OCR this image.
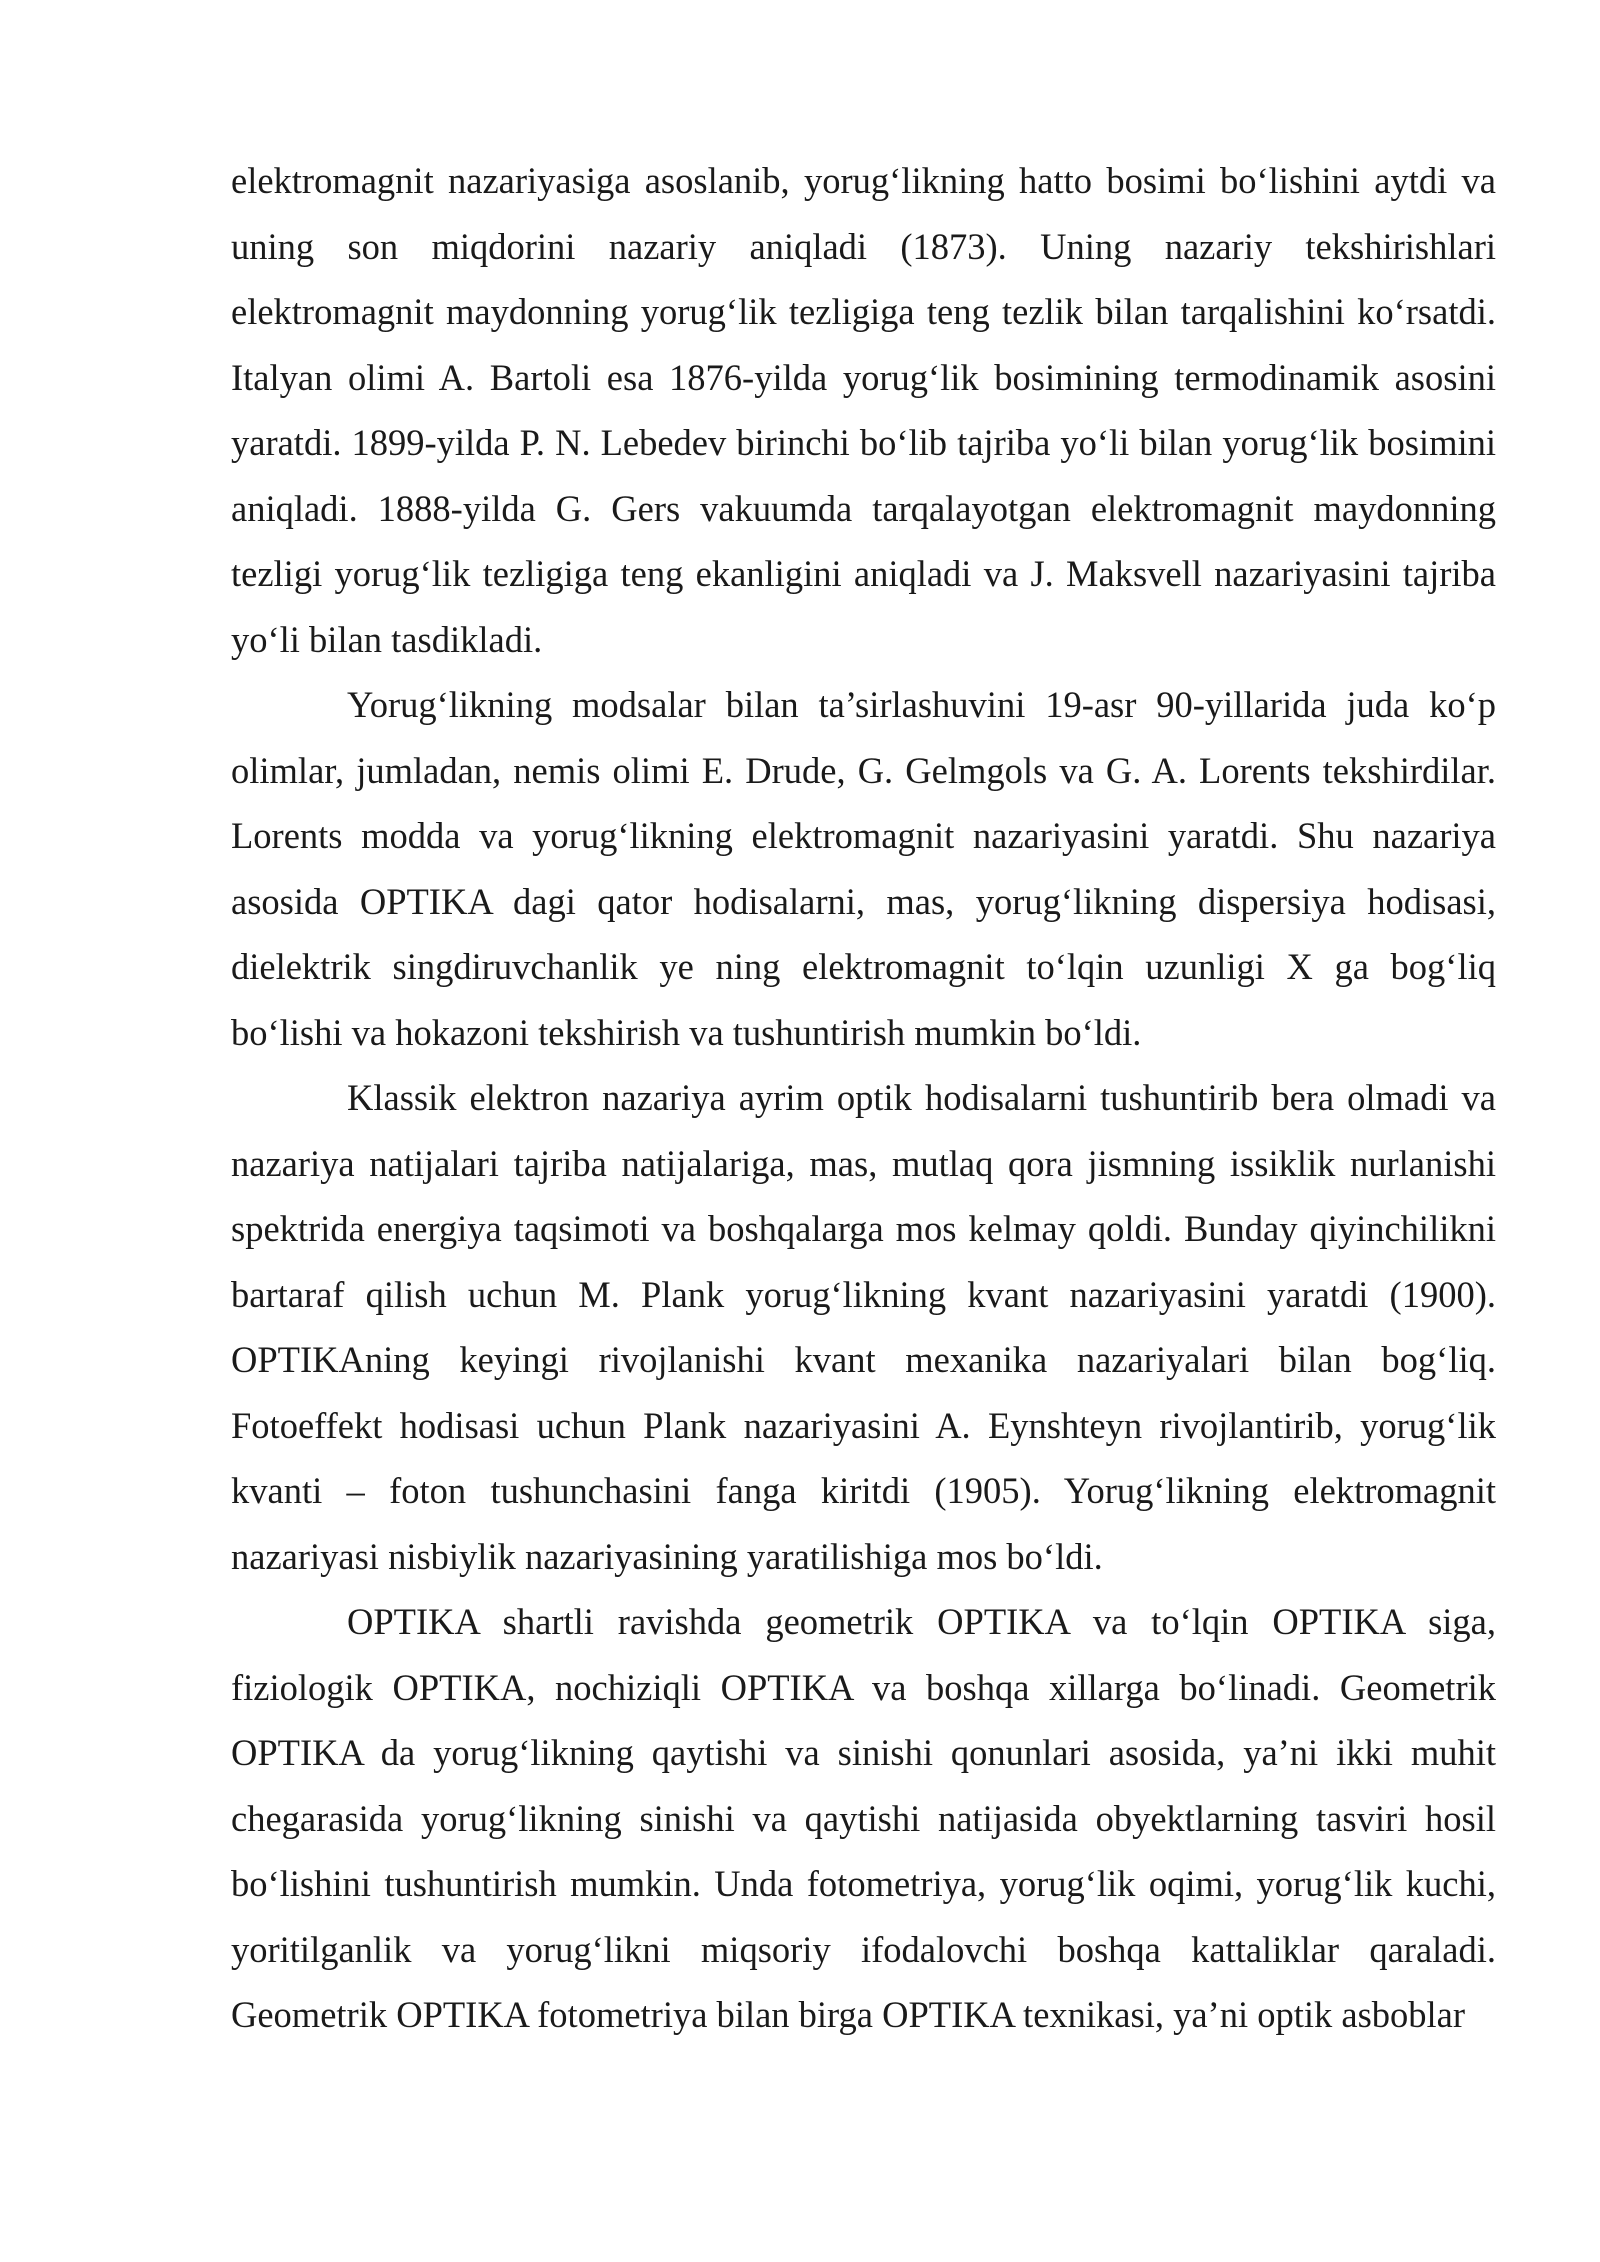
elektromagnit nazariyasiga asoslanib, yorug‘likning hatto bosimi bo‘lishini aytdi va uning son miqdorini nazariy aniqladi (1873). Uning nazariy tekshirishlari elektromagnit maydonning yorug‘lik tezligiga teng tezlik bilan tarqalishini ko‘rsatdi. Italyan olimi A. Bartoli esa 1876-yilda yorug‘lik bosimining termodinamik asosini yaratdi. 1899-yilda P. N. Lebedev birinchi bo‘lib tajriba yo‘li bilan yorug‘lik bosimini aniqladi. 1888-yilda G. Gers vakuumda tarqalayotgan elektromagnit maydonning tezligi yorug‘lik tezligiga teng ekanligini aniqladi va J. Maksvell nazariyasini tajriba yo‘li bilan tasdikladi.

Yorug‘likning modsalar bilan ta’sirlashuvini 19-asr 90-yillarida juda ko‘p olimlar, jumladan, nemis olimi E. Drude, G. Gelmgols va G. A. Lorents tekshirdilar. Lorents modda va yorug‘likning elektromagnit nazariyasini yaratdi. Shu nazariya asosida OPTIKA dagi qator hodisalarni, mas, yorug‘likning dispersiya hodisasi, dielektrik singdiruvchanlik ye ning elektromagnit to‘lqin uzunligi X ga bog‘liq bo‘lishi va hokazoni tekshirish va tushuntirish mumkin bo‘ldi.

Klassik elektron nazariya ayrim optik hodisalarni tushuntirib bera olmadi va nazariya natijalari tajriba natijalariga, mas, mutlaq qora jismning issiklik nurlanishi spektrida energiya taqsimoti va boshqalarga mos kelmay qoldi. Bunday qiyinchilikni bartaraf qilish uchun M. Plank yorug‘likning kvant nazariyasini yaratdi (1900). OPTIKAning keyingi rivojlanishi kvant mexanika nazariyalari bilan bog‘liq. Fotoeffekt hodisasi uchun Plank nazariyasini A. Eynshteyn rivojlantirib, yorug‘lik kvanti – foton tushunchasini fanga kiritdi (1905). Yorug‘likning elektromagnit nazariyasi nisbiylik nazariyasining yaratilishiga mos bo‘ldi.

OPTIKA shartli ravishda geometrik OPTIKA va to‘lqin OPTIKA siga, fiziologik OPTIKA, nochiziqli OPTIKA va boshqa xillarga bo‘linadi. Geometrik OPTIKA da yorug‘likning qaytishi va sinishi qonunlari asosida, ya’ni ikki muhit chegarasida yorug‘likning sinishi va qaytishi natijasida obyektlarning tasviri hosil bo‘lishini tushuntirish mumkin. Unda fotometriya, yorug‘lik oqimi, yorug‘lik kuchi, yoritilganlik va yorug‘likni miqsoriy ifodalovchi boshqa kattaliklar qaraladi. Geometrik OPTIKA fotometriya bilan birga OPTIKA texnikasi, ya’ni optik asboblar
